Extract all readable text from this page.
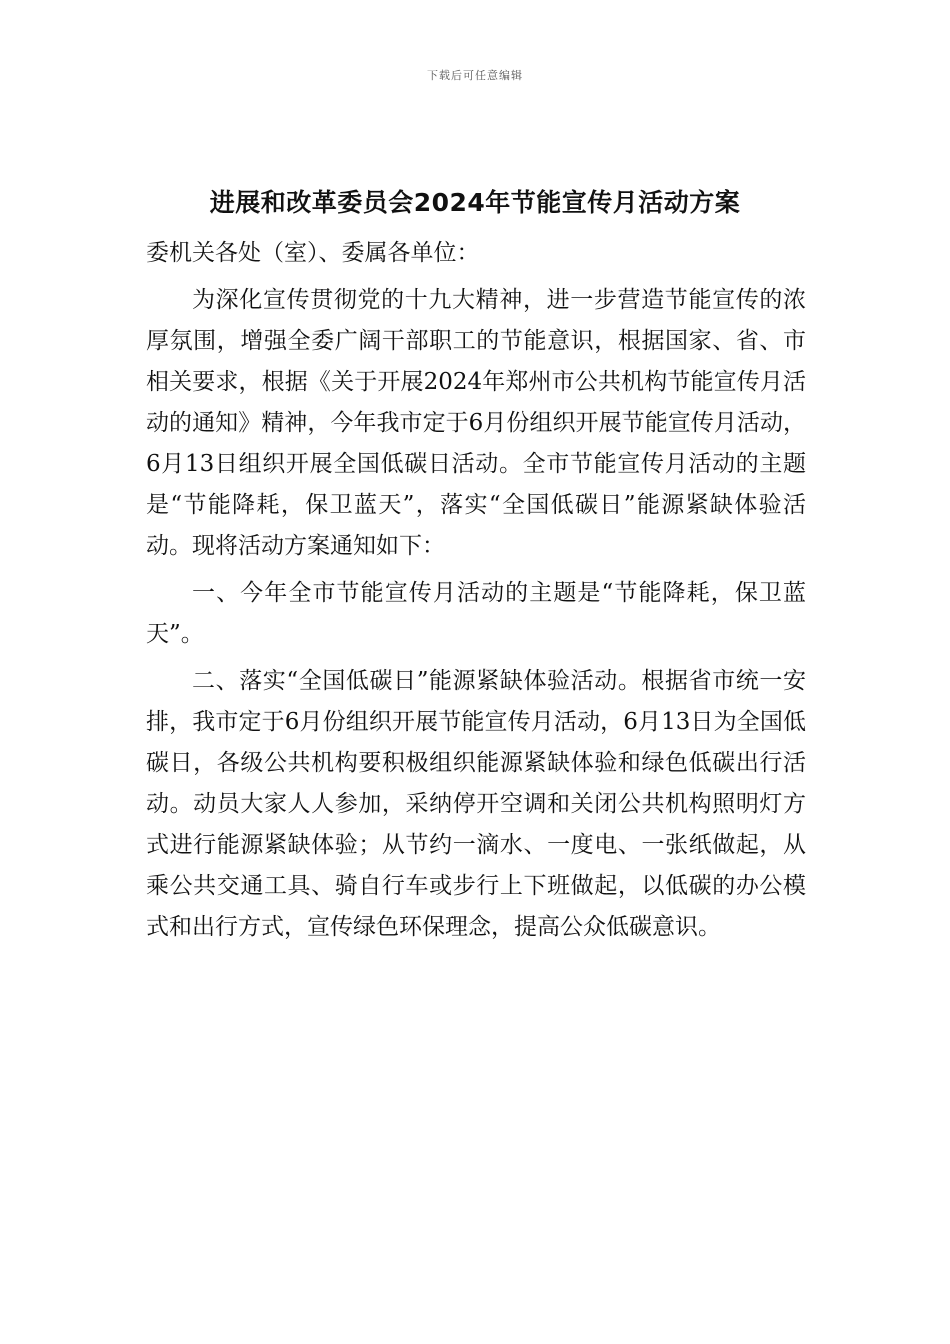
下载后可任意编辑
进展和改革委员会2024年节能宣传月活动方案

委机关各处（室）、委属各单位：

为深化宣传贯彻党的十九大精神，进一步营造节能宣传的浓厚氛围，增强全委广阔干部职工的节能意识，根据国家、省、市相关要求，根据《关于开展2024年郑州市公共机构节能宣传月活动的通知》精神，今年我市定于6月份组织开展节能宣传月活动，6月13日组织开展全国低碳日活动。全市节能宣传月活动的主题是“节能降耗，保卫蓝天”，落实“全国低碳日”能源紧缺体验活动。现将活动方案通知如下：

一、今年全市节能宣传月活动的主题是“节能降耗，保卫蓝天”。

二、落实“全国低碳日”能源紧缺体验活动。根据省市统一安排，我市定于6月份组织开展节能宣传月活动，6月13日为全国低碳日，各级公共机构要积极组织能源紧缺体验和绿色低碳出行活动。动员大家人人参加，采纳停开空调和关闭公共机构照明灯方式进行能源紧缺体验；从节约一滴水、一度电、一张纸做起，从乘公共交通工具、骑自行车或步行上下班做起，以低碳的办公模式和出行方式，宣传绿色环保理念，提高公众低碳意识。
